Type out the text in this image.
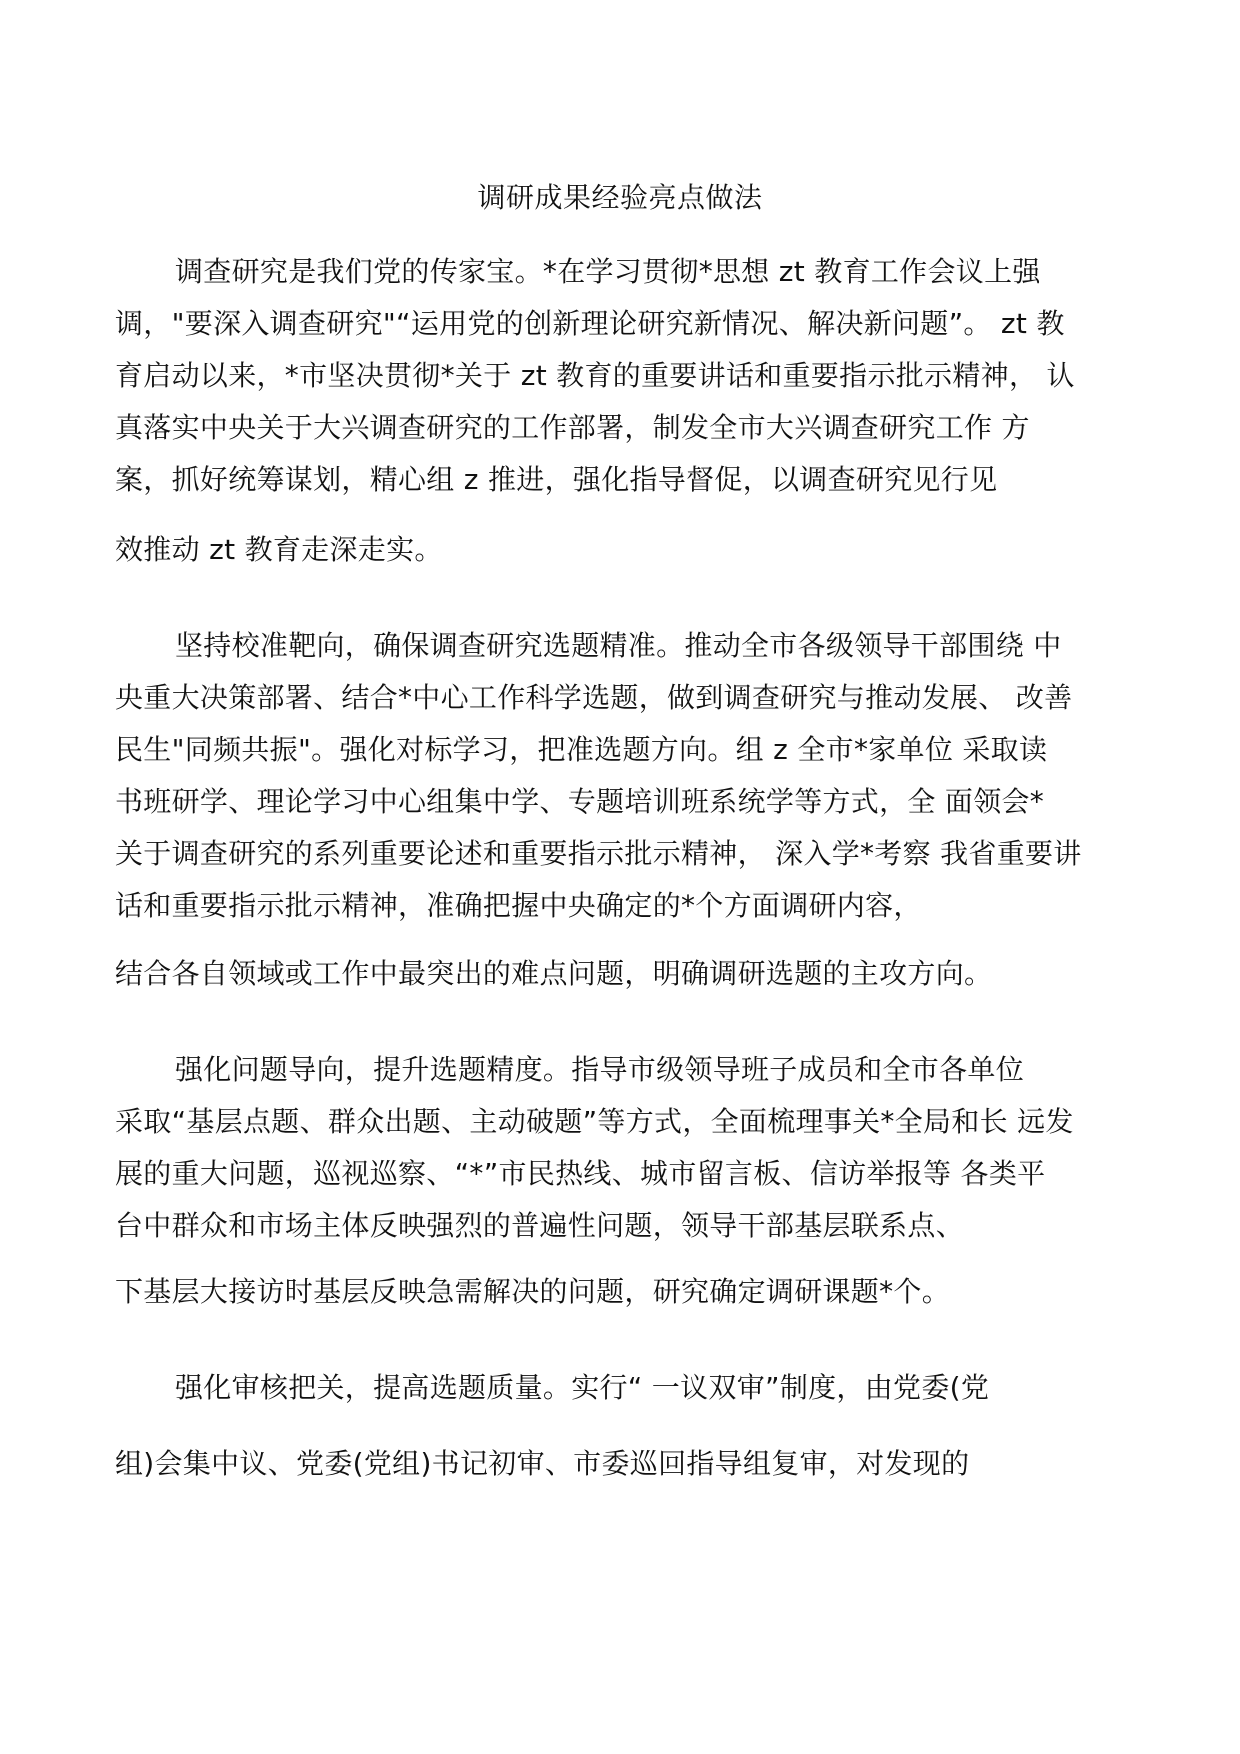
调研成果经验亮点做法
调查研究是我们党的传家宝。*在学习贯彻*思想 zt 教育工作会议上强
调，"要深入调查研究"“运用党的创新理论研究新情况、解决新问题”。 zt 教
育启动以来，*市坚决贯彻*关于 zt 教育的重要讲话和重要指示批示精神， 认
真落实中央关于大兴调查研究的工作部署，制发全市大兴调查研究工作 方
案，抓好统筹谋划，精心组 z 推进，强化指导督促，以调查研究见行见
效推动 zt 教育走深走实。
坚持校准靶向，确保调查研究选题精准。推动全市各级领导干部围绕 中
央重大决策部署、结合*中心工作科学选题，做到调查研究与推动发展、 改善
民生"同频共振"。强化对标学习，把准选题方向。组 z 全市*家单位 采取读
书班研学、理论学习中心组集中学、专题培训班系统学等方式，全 面领会*
关于调查研究的系列重要论述和重要指示批示精神， 深入学*考察 我省重要讲
话和重要指示批示精神，准确把握中央确定的*个方面调研内容，
结合各自领域或工作中最突出的难点问题，明确调研选题的主攻方向。
强化问题导向，提升选题精度。指导市级领导班子成员和全市各单位
采取“基层点题、群众出题、主动破题”等方式，全面梳理事关*全局和长 远发
展的重大问题，巡视巡察、“*”市民热线、城市留言板、信访举报等 各类平
台中群众和市场主体反映强烈的普遍性问题，领导干部基层联系点、
下基层大接访时基层反映急需解决的问题，研究确定调研课题*个。
强化审核把关，提高选题质量。实行“ 一议双审”制度，由党委(党
组)会集中议、党委(党组)书记初审、市委巡回指导组复审，对发现的
